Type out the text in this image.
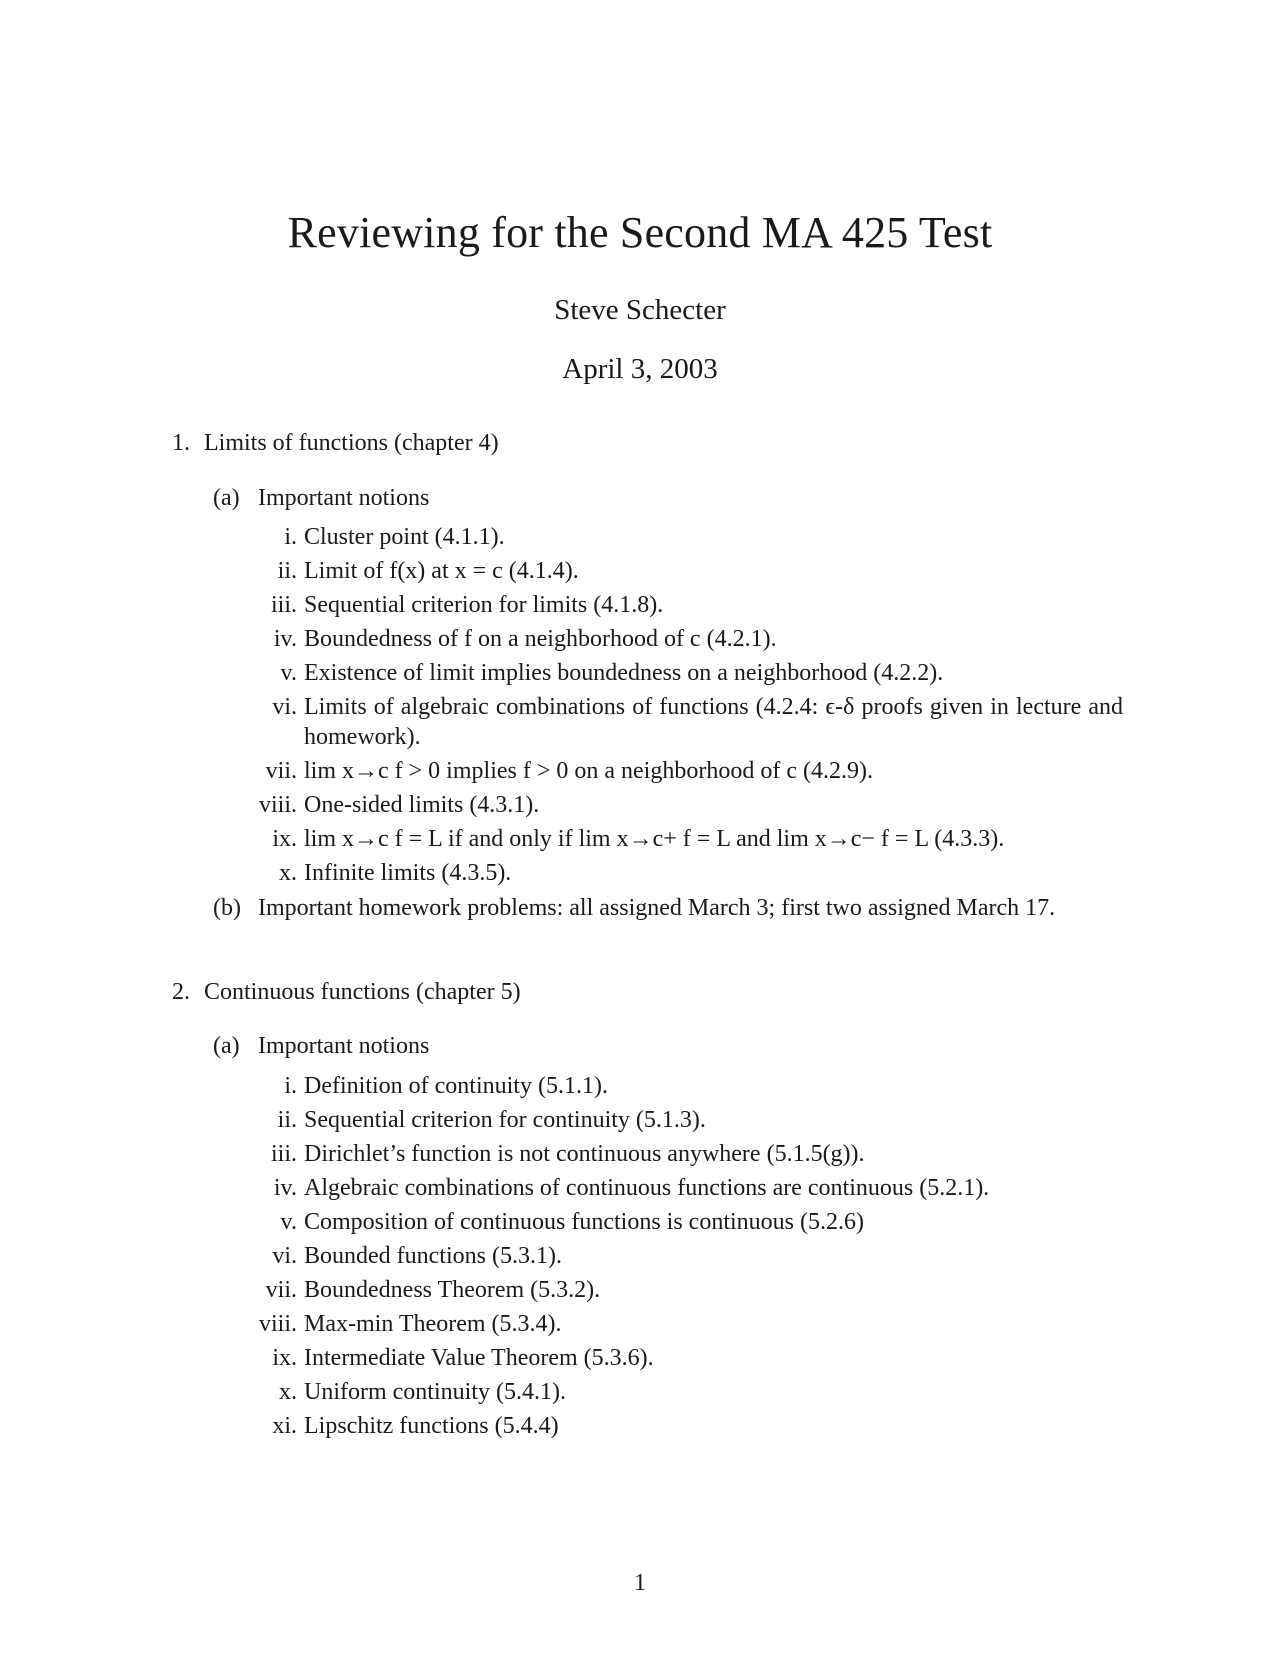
Reviewing for the Second MA 425 Test
Steve Schecter
April 3, 2003
1. Limits of functions (chapter 4)
(a) Important notions
i. Cluster point (4.1.1).
ii. Limit of f(x) at x = c (4.1.4).
iii. Sequential criterion for limits (4.1.8).
iv. Boundedness of f on a neighborhood of c (4.2.1).
v. Existence of limit implies boundedness on a neighborhood (4.2.2).
vi. Limits of algebraic combinations of functions (4.2.4: ϵ-δ proofs given in lecture and homework).
vii. lim x→c f > 0 implies f > 0 on a neighborhood of c (4.2.9).
viii. One-sided limits (4.3.1).
ix. lim x→c f = L if and only if lim x→c+ f = L and lim x→c− f = L (4.3.3).
x. Infinite limits (4.3.5).
(b) Important homework problems: all assigned March 3; first two assigned March 17.
2. Continuous functions (chapter 5)
(a) Important notions
i. Definition of continuity (5.1.1).
ii. Sequential criterion for continuity (5.1.3).
iii. Dirichlet’s function is not continuous anywhere (5.1.5(g)).
iv. Algebraic combinations of continuous functions are continuous (5.2.1).
v. Composition of continuous functions is continuous (5.2.6)
vi. Bounded functions (5.3.1).
vii. Boundedness Theorem (5.3.2).
viii. Max-min Theorem (5.3.4).
ix. Intermediate Value Theorem (5.3.6).
x. Uniform continuity (5.4.1).
xi. Lipschitz functions (5.4.4)
1
